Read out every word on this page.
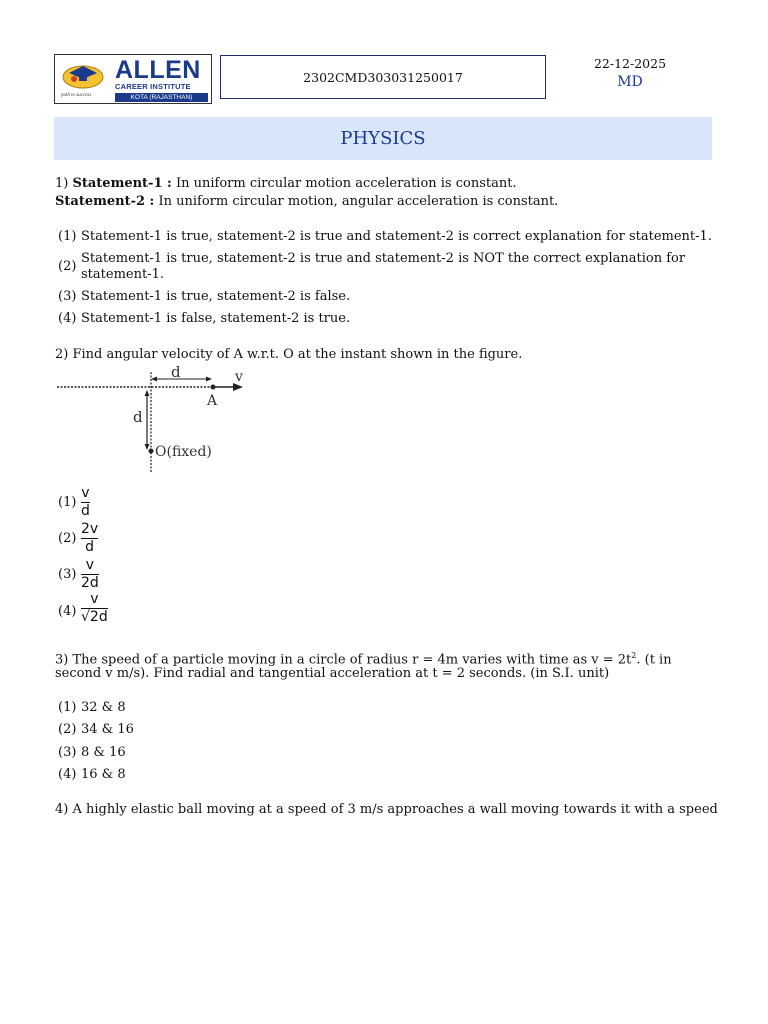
path to success
ALLEN
CAREER INSTITUTE
KOTA (RAJASTHAN)
2302CMD303031250017
22-12-2025
MD
PHYSICS
1) Statement-1 : In uniform circular motion acceleration is constant.
Statement-2 : In uniform circular motion, angular acceleration is constant.
(1) Statement-1 is true, statement-2 is true and statement-2 is correct explanation for statement-1.
(2)
Statement-1 is true, statement-2 is true and statement-2 is NOT the correct explanation for
statement-1.
(3) Statement-1 is true, statement-2 is false.
(4) Statement-1 is false, statement-2 is true.
2) Find angular velocity of A w.r.t. O at the instant shown in the figure.
d	v
A
d
O(fixed)
(1)
v
d
(2)
2v
d
(3)
v
2d
(4)
v
√2d
3) The speed of a particle moving in a circle of radius r = 4m varies with time as $v = 2t^2$. (t in
second v m/s). Find radial and tangential acceleration at t = 2 seconds. (in S.I. unit)
(1) 32 & 8
(2) 34 & 16
(3) 8 & 16
(4) 16 & 8
4) A highly elastic ball moving at a speed of 3 m/s approaches a wall moving towards it with a speed
